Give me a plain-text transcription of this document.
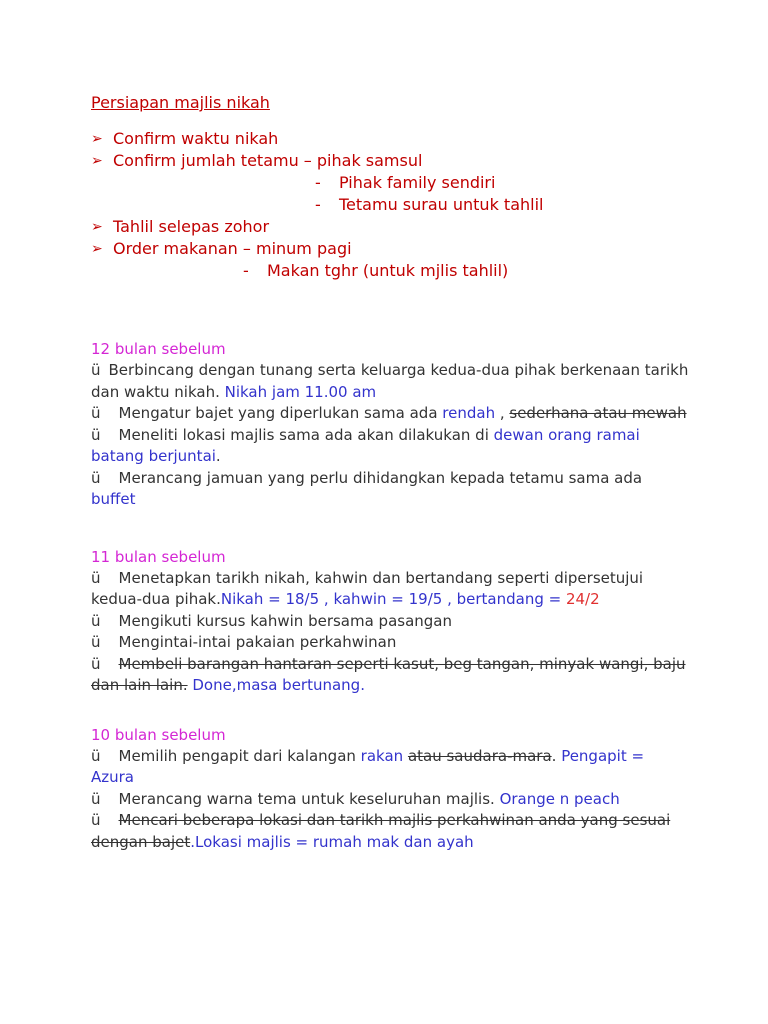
Persiapan majlis nikah
➢ Confirm waktu nikah
➢ Confirm jumlah tetamu – pihak samsul
- Pihak family sendiri
- Tetamu surau untuk tahlil
➢ Tahlil selepas zohor
➢ Order makanan – minum pagi
- Makan tghr (untuk mjlis tahlil)
12 bulan sebelum
ü Berbincang dengan tunang serta keluarga kedua-dua pihak berkenaan tarikh dan waktu nikah. Nikah jam 11.00 am
ü Mengatur bajet yang diperlukan sama ada rendah , sederhana atau mewah
ü Meneliti lokasi majlis sama ada akan dilakukan di dewan orang ramai batang berjuntai.
ü Merancang jamuan yang perlu dihidangkan kepada tetamu sama ada buffet
11 bulan sebelum
ü Menetapkan tarikh nikah, kahwin dan bertandang seperti dipersetujui kedua-dua pihak.Nikah = 18/5 , kahwin = 19/5 , bertandang = 24/2
ü Mengikuti kursus kahwin bersama pasangan
ü Mengintai-intai pakaian perkahwinan
ü Membeli barangan hantaran seperti kasut, beg tangan, minyak wangi, baju dan lain lain. Done,masa bertunang.
10 bulan sebelum
ü Memilih pengapit dari kalangan rakan atau saudara-mara. Pengapit = Azura
ü Merancang warna tema untuk keseluruhan majlis. Orange n peach
ü Mencari beberapa lokasi dan tarikh majlis perkahwinan anda yang sesuai dengan bajet.Lokasi majlis = rumah mak dan ayah
